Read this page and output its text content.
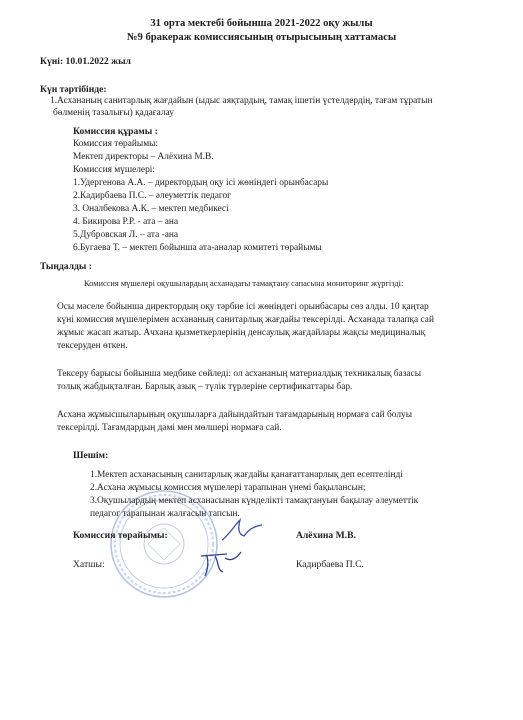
31 орта мектебі бойынша 2021-2022 оқу жылы
№9 бракераж комиссиясының отырысының хаттамасы
Күні: 10.01.2022 жыл
Күн тәртібінде:
1.Асхананың санитарлық жағдайын (ыдыс аяқтардың, тамақ ішетін үстелдердің, тағам тұратын
бөлменің тазалығы) қадағалау
Комиссия құрамы :
Комиссия төрайымы:
Мектеп директоры – Алёхина М.В.
Комиссия мүшелері:
1.Удергенова А.А. – директордың оқу ісі жөніндегі орынбасары
2.Кадирбаева П.С. – әлеуметтік педагог
3. Оналбекова А.К. – мектеп медбикесі
4. Бикирова Р.Р. - ата – ана
5.Дубровская Л. – ата -ана
6.Бугаева Т. – мектеп бойынша ата-аналар комитеті төрайымы
Тыңдалды :
Комиссия мүшелері оқушылардың асханадағы тамақтану сапасына мониторинг жүргізді:
Осы мәселе бойынша директордың оқу тәрбие ісі жөніндегі орынбасары сөз алды. 10 қаңтар
күні комиссия мүшелерімен асхананың санитарлық жағдайы тексерілді. Асханада талапқа сай
жұмыс жасап жатыр. Ачхана қызметкерлерінің денсаулық жағдайлары жақсы медициналық
тексеруден өткен.
Тексеру барысы бойынша медбике сөйледі: ол асхананың материалдық техникалық базасы
толық жабдықталған. Барлық азық – түлік түрлеріне сертификаттары бар.
Асхана жұмысшыларының оқушыларға дайындайтын тағамдарының нормаға сай болуы
тексерілді. Тағамдардың дәмі мен мөлшері нормаға сай.
Шешім:
1.Мектеп асханасының санитарлық жағдайы қанағаттанарлық деп есептелінді
2.Асхана жұмысы комиссия мүшелері тарапынан үнемі бақылансын;
3.Оқушылардың мектеп асханасынан күнделікті тамақтануын бақылау әлеуметтік
педагог тарапынан жалғасын тапсын.
Комиссия төрайымы:	Алёхина М.В.
Хатшы:	Кадирбаева П.С.
